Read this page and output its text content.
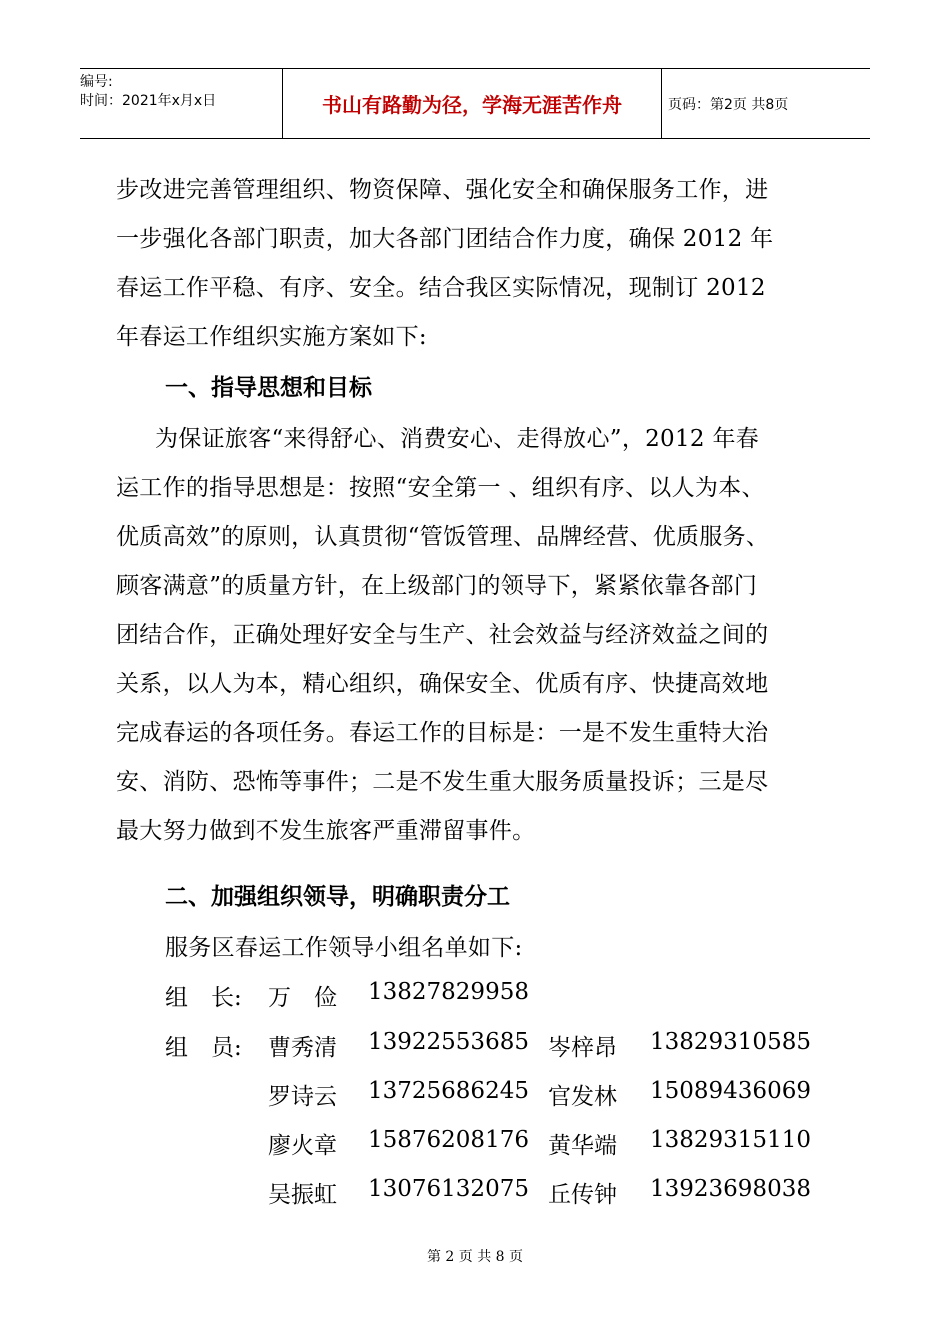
编号:
时间：2021年x月x日	书山有路勤为径，学海无涯苦作舟	页码：第2页 共8页
步改进完善管理组织、物资保障、强化安全和确保服务工作，进
一步强化各部门职责，加大各部门团结合作力度，确保 2012 年
春运工作平稳、有序、安全。结合我区实际情况，现制订 2012
年春运工作组织实施方案如下:
一、指导思想和目标
为保证旅客“来得舒心、消费安心、走得放心”，2012 年春
运工作的指导思想是：按照“安全第一 、组织有序、以人为本、
优质高效”的原则，认真贯彻“管饭管理、品牌经营、优质服务、
顾客满意”的质量方针，在上级部门的领导下，紧紧依靠各部门
团结合作，正确处理好安全与生产、社会效益与经济效益之间的
关系，以人为本，精心组织，确保安全、优质有序、快捷高效地
完成春运的各项任务。春运工作的目标是：一是不发生重特大治
安、消防、恐怖等事件；二是不发生重大服务质量投诉；三是尽
最大努力做到不发生旅客严重滞留事件。
二、加强组织领导，明确职责分工
服务区春运工作领导小组名单如下:
组　长: 万　俭 13827829958
组　员: 曹秀清 13922553685 岑梓昂 13829310585
罗诗云 13725686245 官发林 15089436069
廖火章 15876208176 黄华端 13829315110
吴振虹 13076132075 丘传钟 13923698038
第 2 页 共 8 页
